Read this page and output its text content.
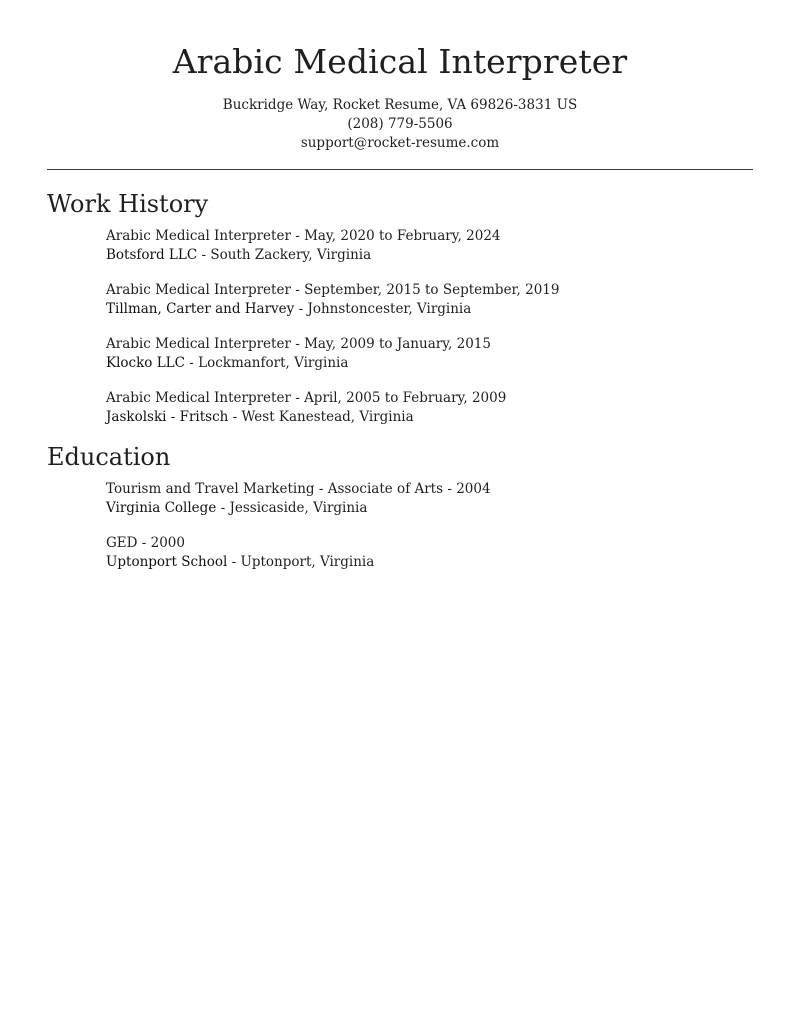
Arabic Medical Interpreter
Buckridge Way, Rocket Resume, VA 69826-3831 US
(208) 779-5506
support@rocket-resume.com
Work History
Arabic Medical Interpreter - May, 2020 to February, 2024
Botsford LLC - South Zackery, Virginia
Arabic Medical Interpreter - September, 2015 to September, 2019
Tillman, Carter and Harvey - Johnstoncester, Virginia
Arabic Medical Interpreter - May, 2009 to January, 2015
Klocko LLC - Lockmanfort, Virginia
Arabic Medical Interpreter - April, 2005 to February, 2009
Jaskolski - Fritsch - West Kanestead, Virginia
Education
Tourism and Travel Marketing - Associate of Arts - 2004
Virginia College - Jessicaside, Virginia
GED - 2000
Uptonport School - Uptonport, Virginia
